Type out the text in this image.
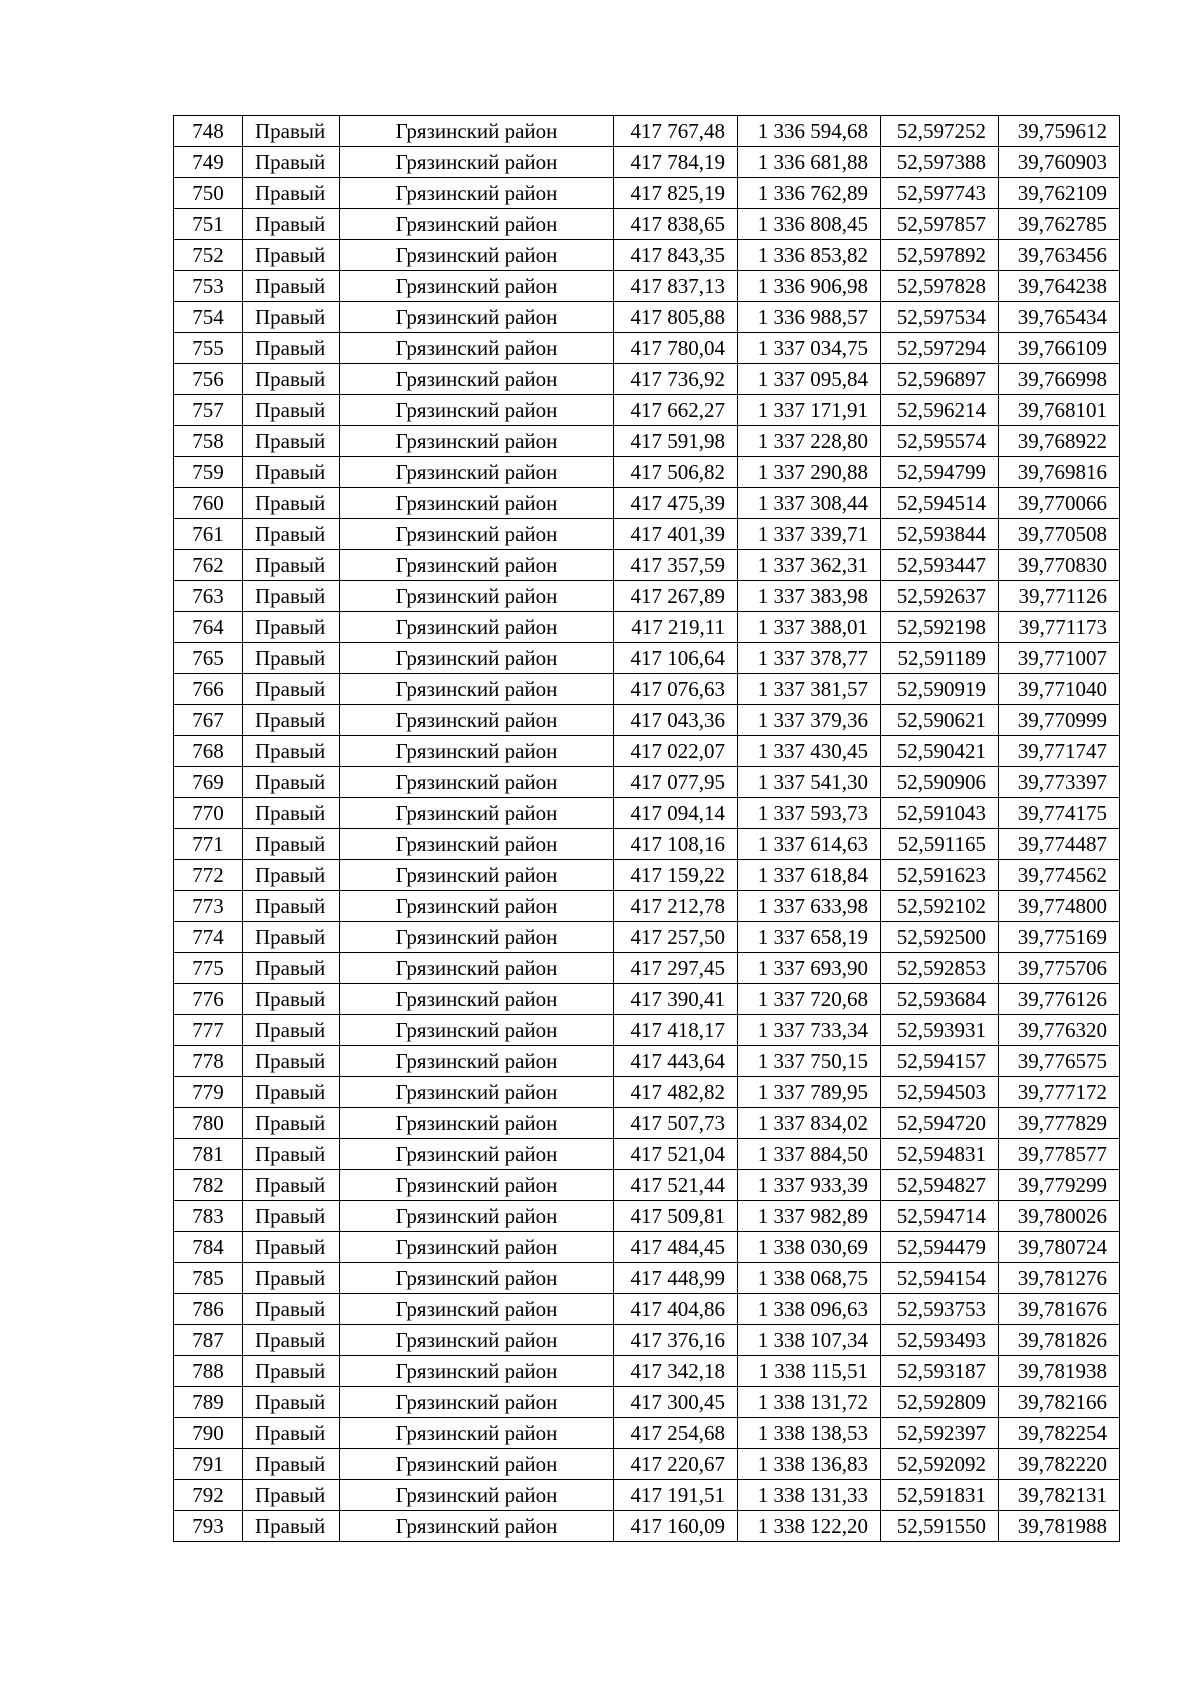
748	Правый	Грязинский район	417 767,48	1 336 594,68	52,597252	39,759612
749	Правый	Грязинский район	417 784,19	1 336 681,88	52,597388	39,760903
750	Правый	Грязинский район	417 825,19	1 336 762,89	52,597743	39,762109
751	Правый	Грязинский район	417 838,65	1 336 808,45	52,597857	39,762785
752	Правый	Грязинский район	417 843,35	1 336 853,82	52,597892	39,763456
753	Правый	Грязинский район	417 837,13	1 336 906,98	52,597828	39,764238
754	Правый	Грязинский район	417 805,88	1 336 988,57	52,597534	39,765434
755	Правый	Грязинский район	417 780,04	1 337 034,75	52,597294	39,766109
756	Правый	Грязинский район	417 736,92	1 337 095,84	52,596897	39,766998
757	Правый	Грязинский район	417 662,27	1 337 171,91	52,596214	39,768101
758	Правый	Грязинский район	417 591,98	1 337 228,80	52,595574	39,768922
759	Правый	Грязинский район	417 506,82	1 337 290,88	52,594799	39,769816
760	Правый	Грязинский район	417 475,39	1 337 308,44	52,594514	39,770066
761	Правый	Грязинский район	417 401,39	1 337 339,71	52,593844	39,770508
762	Правый	Грязинский район	417 357,59	1 337 362,31	52,593447	39,770830
763	Правый	Грязинский район	417 267,89	1 337 383,98	52,592637	39,771126
764	Правый	Грязинский район	417 219,11	1 337 388,01	52,592198	39,771173
765	Правый	Грязинский район	417 106,64	1 337 378,77	52,591189	39,771007
766	Правый	Грязинский район	417 076,63	1 337 381,57	52,590919	39,771040
767	Правый	Грязинский район	417 043,36	1 337 379,36	52,590621	39,770999
768	Правый	Грязинский район	417 022,07	1 337 430,45	52,590421	39,771747
769	Правый	Грязинский район	417 077,95	1 337 541,30	52,590906	39,773397
770	Правый	Грязинский район	417 094,14	1 337 593,73	52,591043	39,774175
771	Правый	Грязинский район	417 108,16	1 337 614,63	52,591165	39,774487
772	Правый	Грязинский район	417 159,22	1 337 618,84	52,591623	39,774562
773	Правый	Грязинский район	417 212,78	1 337 633,98	52,592102	39,774800
774	Правый	Грязинский район	417 257,50	1 337 658,19	52,592500	39,775169
775	Правый	Грязинский район	417 297,45	1 337 693,90	52,592853	39,775706
776	Правый	Грязинский район	417 390,41	1 337 720,68	52,593684	39,776126
777	Правый	Грязинский район	417 418,17	1 337 733,34	52,593931	39,776320
778	Правый	Грязинский район	417 443,64	1 337 750,15	52,594157	39,776575
779	Правый	Грязинский район	417 482,82	1 337 789,95	52,594503	39,777172
780	Правый	Грязинский район	417 507,73	1 337 834,02	52,594720	39,777829
781	Правый	Грязинский район	417 521,04	1 337 884,50	52,594831	39,778577
782	Правый	Грязинский район	417 521,44	1 337 933,39	52,594827	39,779299
783	Правый	Грязинский район	417 509,81	1 337 982,89	52,594714	39,780026
784	Правый	Грязинский район	417 484,45	1 338 030,69	52,594479	39,780724
785	Правый	Грязинский район	417 448,99	1 338 068,75	52,594154	39,781276
786	Правый	Грязинский район	417 404,86	1 338 096,63	52,593753	39,781676
787	Правый	Грязинский район	417 376,16	1 338 107,34	52,593493	39,781826
788	Правый	Грязинский район	417 342,18	1 338 115,51	52,593187	39,781938
789	Правый	Грязинский район	417 300,45	1 338 131,72	52,592809	39,782166
790	Правый	Грязинский район	417 254,68	1 338 138,53	52,592397	39,782254
791	Правый	Грязинский район	417 220,67	1 338 136,83	52,592092	39,782220
792	Правый	Грязинский район	417 191,51	1 338 131,33	52,591831	39,782131
793	Правый	Грязинский район	417 160,09	1 338 122,20	52,591550	39,781988
